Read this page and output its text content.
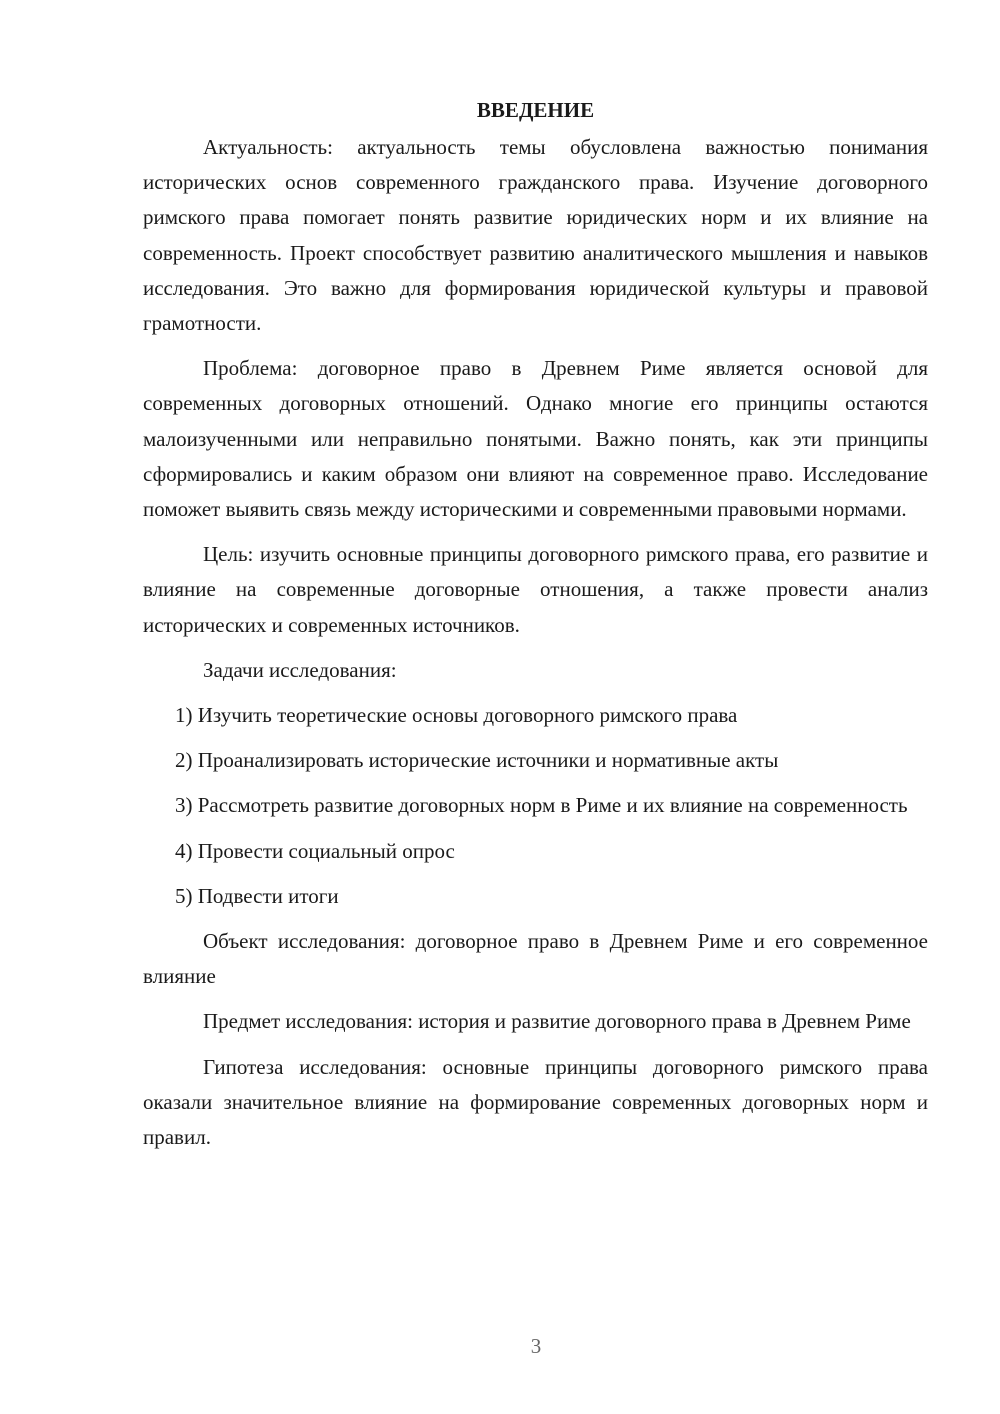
ВВЕДЕНИЕ

Актуальность: актуальность темы обусловлена важностью понимания исторических основ современного гражданского права. Изучение договорного римского права помогает понять развитие юридических норм и их влияние на современность. Проект способствует развитию аналитического мышления и навыков исследования. Это важно для формирования юридической культуры и правовой грамотности.

Проблема: договорное право в Древнем Риме является основой для современных договорных отношений. Однако многие его принципы остаются малоизученными или неправильно понятыми. Важно понять, как эти принципы сформировались и каким образом они влияют на современное право. Исследование поможет выявить связь между историческими и современными правовыми нормами.

Цель: изучить основные принципы договорного римского права, его развитие и влияние на современные договорные отношения, а также провести анализ исторических и современных источников.

Задачи исследования:

1) Изучить теоретические основы договорного римского права

2) Проанализировать исторические источники и нормативные акты

3) Рассмотреть развитие договорных норм в Риме и их влияние на современность

4) Провести социальный опрос

5) Подвести итоги

Объект исследования: договорное право в Древнем Риме и его современное влияние

Предмет исследования: история и развитие договорного права в Древнем Риме

Гипотеза исследования: основные принципы договорного римского права оказали значительное влияние на формирование современных договорных норм и правил.

3
